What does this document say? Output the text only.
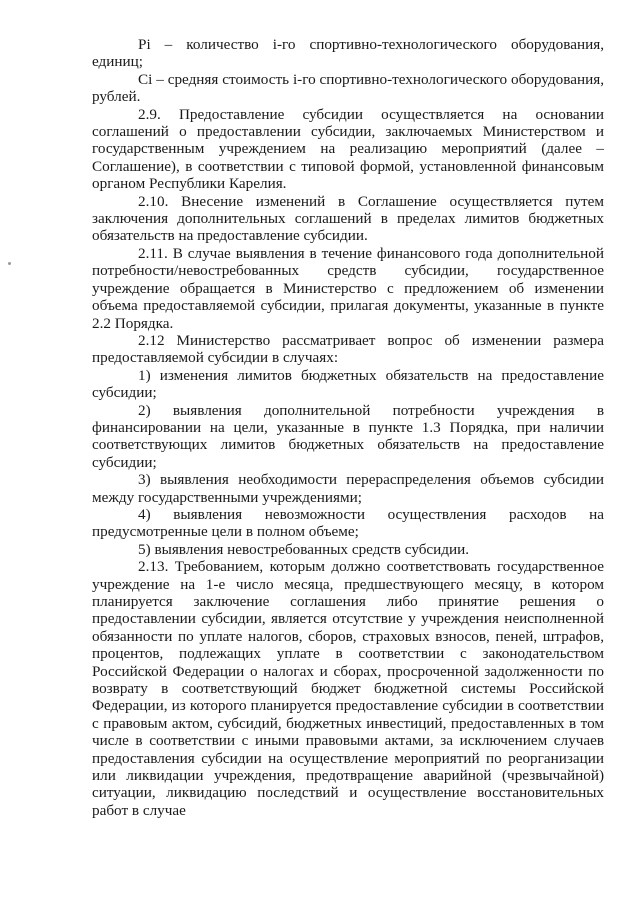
Pi – количество i-го спортивно-технологического оборудования, единиц;

Ci – средняя стоимость i-го спортивно-технологического оборудования, рублей.

2.9. Предоставление субсидии осуществляется на основании соглашений о предоставлении субсидии, заключаемых Министерством и государственным учреждением на реализацию мероприятий (далее – Соглашение), в соответствии с типовой формой, установленной финансовым органом Республики Карелия.

2.10. Внесение изменений в Соглашение осуществляется путем заключения дополнительных соглашений в пределах лимитов бюджетных обязательств на предоставление субсидии.

2.11. В случае выявления в течение финансового года дополнительной потребности/невостребованных средств субсидии, государственное учреждение обращается в Министерство с предложением об изменении объема предоставляемой субсидии, прилагая документы, указанные в пункте 2.2 Порядка.

2.12 Министерство рассматривает вопрос об изменении размера предоставляемой субсидии в случаях:

1) изменения лимитов бюджетных обязательств на предоставление субсидии;

2) выявления дополнительной потребности учреждения в финансировании на цели, указанные в пункте 1.3 Порядка, при наличии соответствующих лимитов бюджетных обязательств на предоставление субсидии;

3) выявления необходимости перераспределения объемов субсидии между государственными учреждениями;

4) выявления невозможности осуществления расходов на предусмотренные цели в полном объеме;

5) выявления невостребованных средств субсидии.

2.13. Требованием, которым должно соответствовать государственное учреждение на 1-е число месяца, предшествующего месяцу, в котором планируется заключение соглашения либо принятие решения о предоставлении субсидии, является отсутствие у учреждения неисполненной обязанности по уплате налогов, сборов, страховых взносов, пеней, штрафов, процентов, подлежащих уплате в соответствии с законодательством Российской Федерации о налогах и сборах, просроченной задолженности по возврату в соответствующий бюджет бюджетной системы Российской Федерации, из которого планируется предоставление субсидии в соответствии с правовым актом, субсидий, бюджетных инвестиций, предоставленных в том числе в соответствии с иными правовыми актами, за исключением случаев предоставления субсидии на осуществление мероприятий по реорганизации или ликвидации учреждения, предотвращение аварийной (чрезвычайной) ситуации, ликвидацию последствий и осуществление восстановительных работ в случае
